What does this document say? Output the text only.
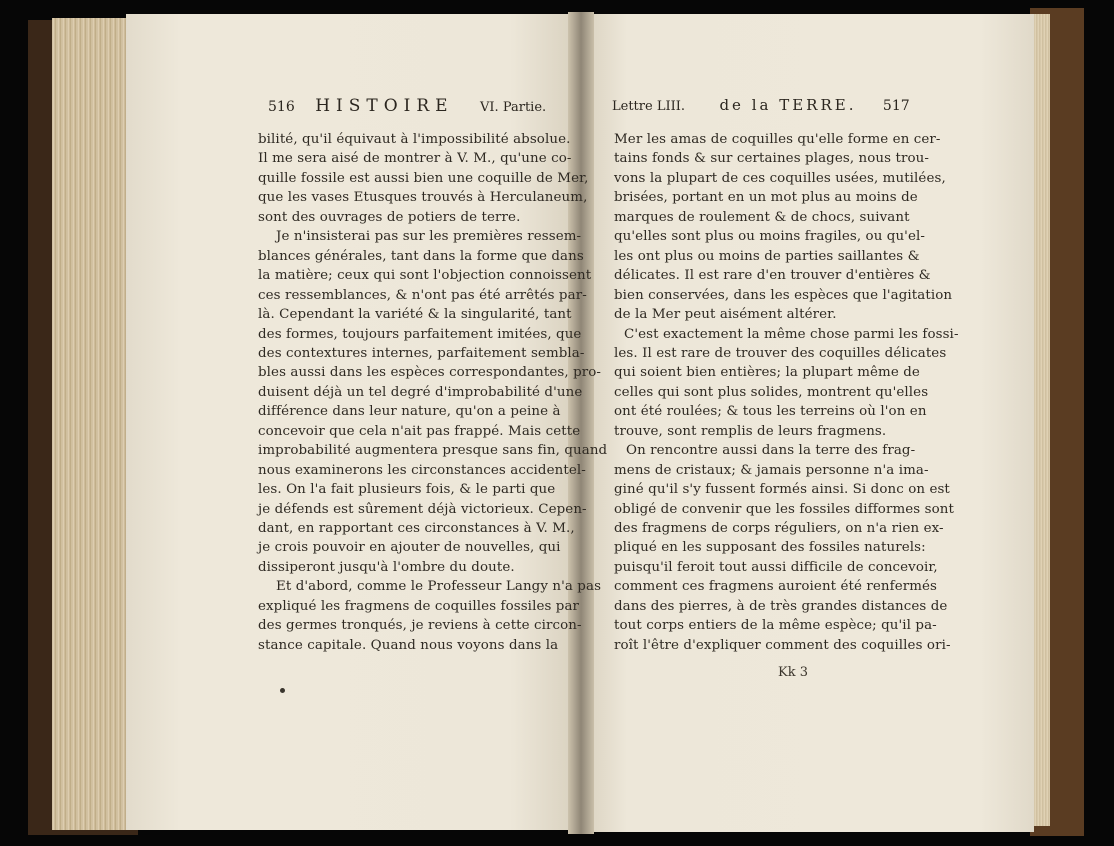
516 HISTOIRE VI. Partie.	Lettre LIII. de la TERRE. 517
bilité, qu'il équivaut à l'impossibilité absolue.
Il me sera aisé de montrer à V. M., qu'une co-
quille fossile est aussi bien une coquille de Mer,
que les vases Etusques trouvés à Herculaneum,
sont des ouvrages de potiers de terre.
Je n'insisterai pas sur les premières ressem-
blances générales, tant dans la forme que dans
la matière; ceux qui sont l'objection connoissent
ces ressemblances, & n'ont pas été arrêtés par-
là. Cependant la variété & la singularité, tant
des formes, toujours parfaitement imitées, que
des contextures internes, parfaitement sembla-
bles aussi dans les espèces correspondantes, pro-
duisent déjà un tel degré d'improbabilité d'une
différence dans leur nature, qu'on a peine à
concevoir que cela n'ait pas frappé. Mais cette
improbabilité augmentera presque sans fin, quand
nous examinerons les circonstances accidentel-
les. On l'a fait plusieurs fois, & le parti que
je défends est sûrement déjà victorieux. Cepen-
dant, en rapportant ces circonstances à V. M.,
je crois pouvoir en ajouter de nouvelles, qui
dissiperont jusqu'à l'ombre du doute.
Et d'abord, comme le Professeur Langy n'a pas
expliqué les fragmens de coquilles fossiles par
des germes tronqués, je reviens à cette circon-
stance capitale. Quand nous voyons dans la
Mer les amas de coquilles qu'elle forme en cer-
tains fonds & sur certaines plages, nous trou-
vons la plupart de ces coquilles usées, mutilées,
brisées, portant en un mot plus au moins de
marques de roulement & de chocs, suivant
qu'elles sont plus ou moins fragiles, ou qu'el-
les ont plus ou moins de parties saillantes &
délicates. Il est rare d'en trouver d'entières &
bien conservées, dans les espèces que l'agitation
de la Mer peut aisément altérer.
C'est exactement la même chose parmi les fossi-
les. Il est rare de trouver des coquilles délicates
qui soient bien entières; la plupart même de
celles qui sont plus solides, montrent qu'elles
ont été roulées; & tous les terreins où l'on en
trouve, sont remplis de leurs fragmens.
On rencontre aussi dans la terre des frag-
mens de cristaux; & jamais personne n'a ima-
giné qu'il s'y fussent formés ainsi. Si donc on est
obligé de convenir que les fossiles difformes sont
des fragmens de corps réguliers, on n'a rien ex-
pliqué en les supposant des fossiles naturels:
puisqu'il feroit tout aussi difficile de concevoir,
comment ces fragmens auroient été renfermés
dans des pierres, à de très grandes distances de
tout corps entiers de la même espèce; qu'il pa-
roît l'être d'expliquer comment des coquilles ori-
Kk 3
